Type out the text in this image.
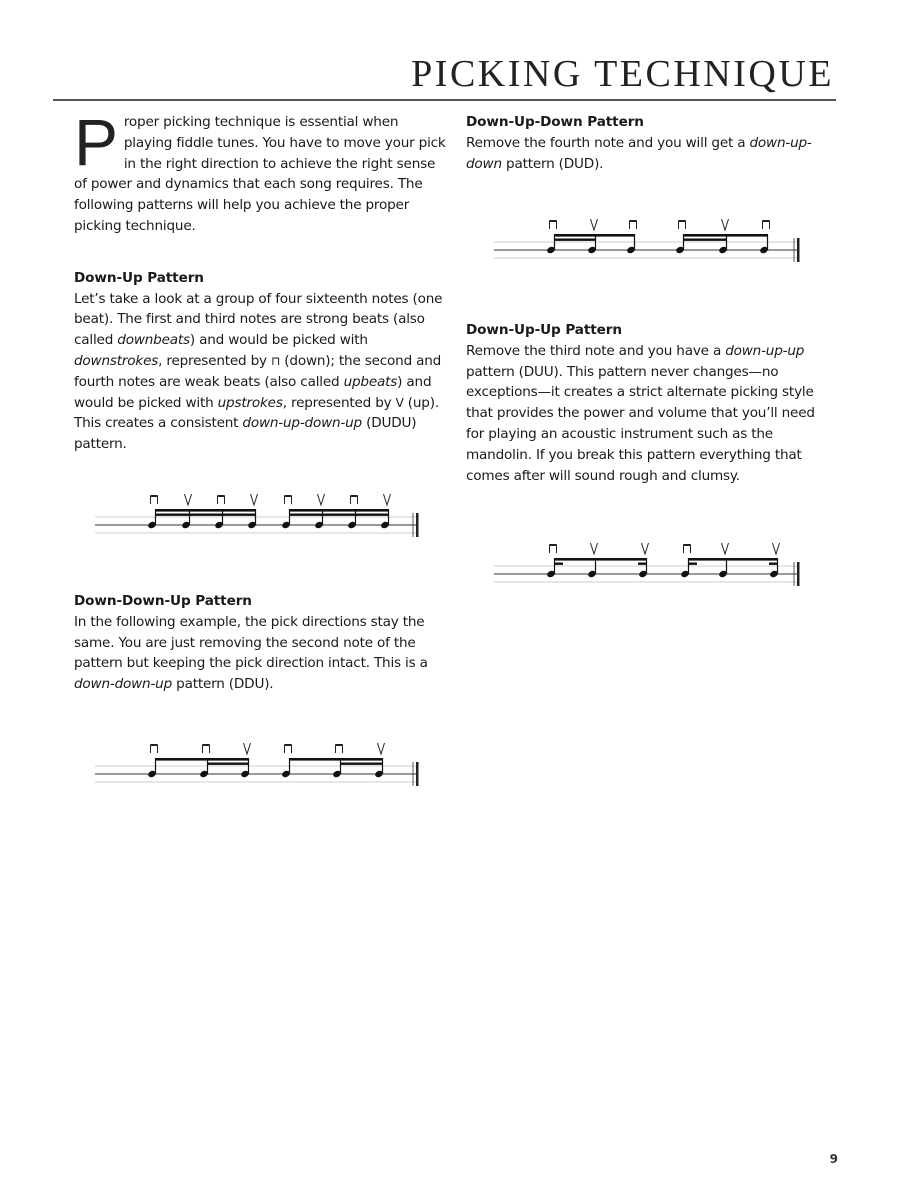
PICKING TECHNIQUE

Proper picking technique is essential when playing fiddle tunes. You have to move your pick in the right direction to achieve the right sense of power and dynamics that each song requires. The following patterns will help you achieve the proper picking technique.

Down-Up Pattern

Let’s take a look at a group of four sixteenth notes (one beat). The first and third notes are strong beats (also called downbeats) and would be picked with downstrokes, represented by ⊓ (down); the second and fourth notes are weak beats (also called upbeats) and would be picked with upstrokes, represented by V (up). This creates a consistent down-up-down-up (DUDU) pattern.

Down-Down-Up Pattern

In the following example, the pick directions stay the same. You are just removing the second note of the pattern but keeping the pick direction intact. This is a down-down-up pattern (DDU).

Down-Up-Down Pattern

Remove the fourth note and you will get a down-up-down pattern (DUD).

Down-Up-Up Pattern

Remove the third note and you have a down-up-up pattern (DUU). This pattern never changes—no exceptions—it creates a strict alternate picking style that provides the power and volume that you’ll need for playing an acoustic instrument such as the mandolin. If you break this pattern everything that comes after will sound rough and clumsy.

9
